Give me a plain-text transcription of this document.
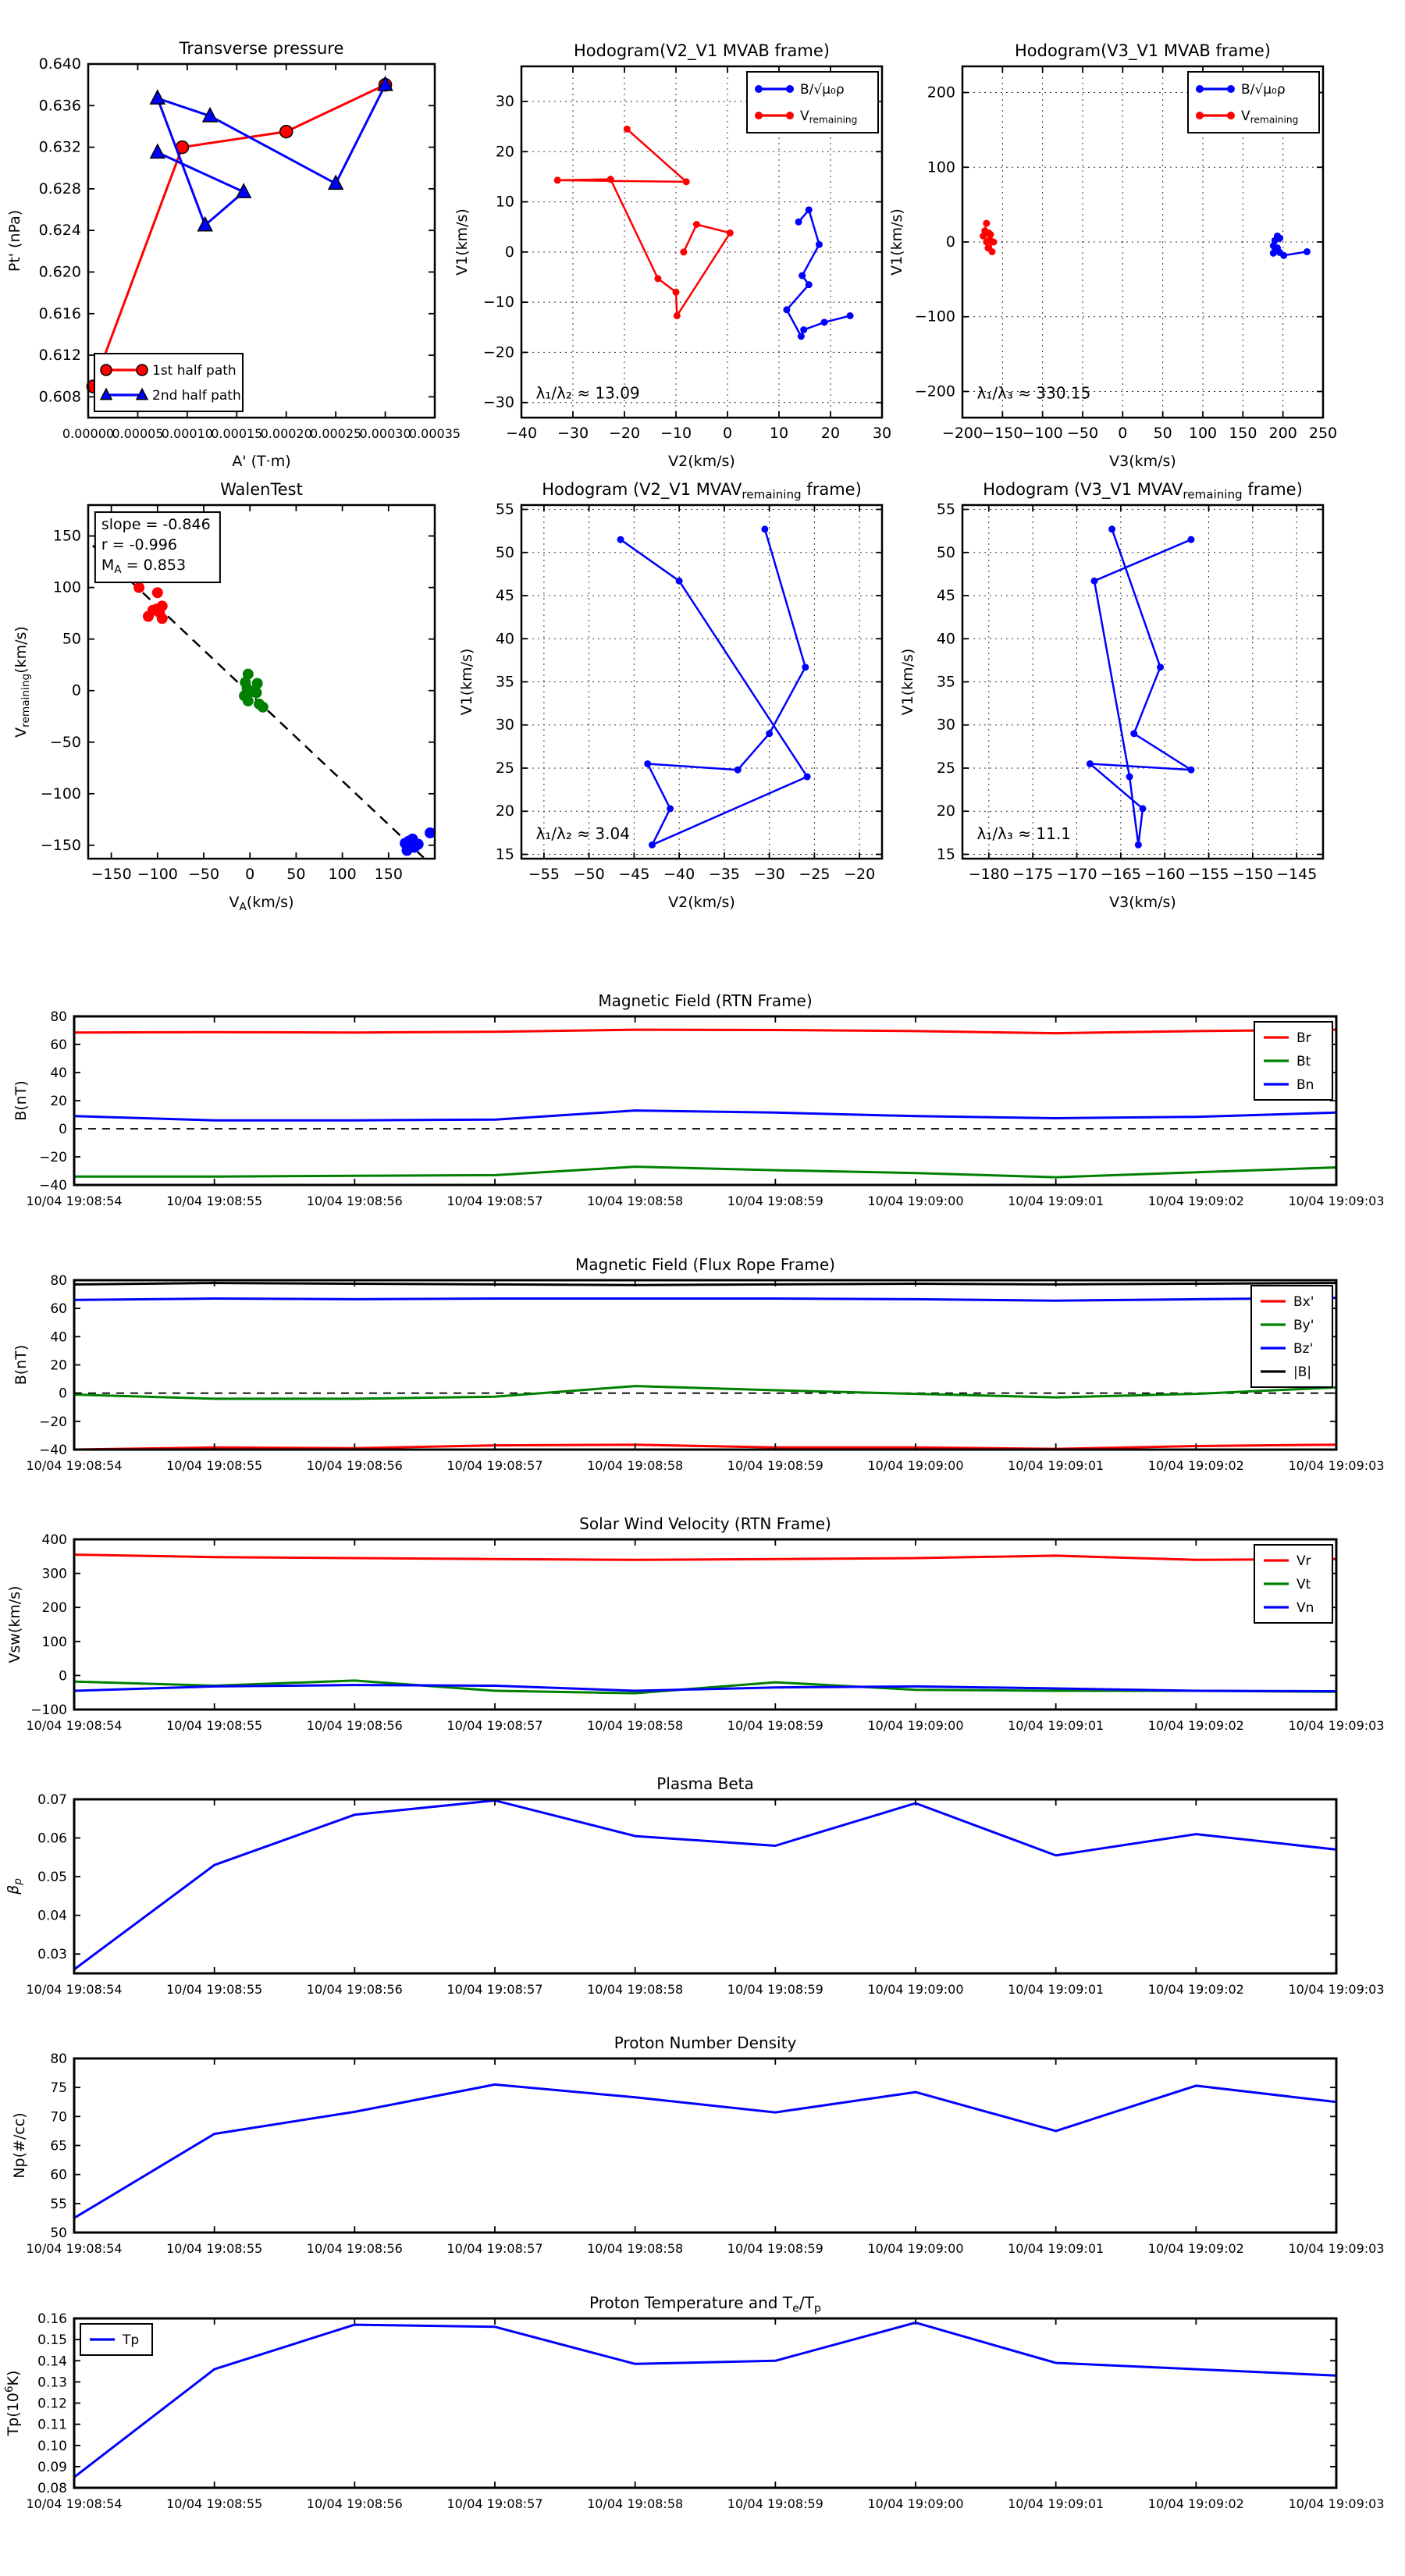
0.00000
0.00005
0.00010
0.00015
0.00020
0.00025
0.00030
0.00035
0.608
0.612
0.616
0.620
0.624
0.628
0.632
0.636
0.640
Transverse pressure
A' (T·m)
Pt' (nPa)
1st half path
2nd half path
−40 −30 −20 −10 0	10 20 30
−30
−20
−10
0
10
20
30
Hodogram(V2_V1 MVAB frame)
V2(km/s)
V1(km/s)
λ₁/λ₂ ≈ 13.09
B/√μ₀ρ
$V_{remaining}$
−200 −150 −100 −50 0 50 100 150 200 250
−200
−100
0
100
200
Hodogram(V3_V1 MVAB frame)
V3(km/s)
V1(km/s)
λ₁/λ₃ ≈ 330.15
B/√μ₀ρ
$V_{remaining}$
−150 −100 −50 0 50 100 150
−150
−100
−50
0
50
100
150
WalenTest
$V_A(km/s)$
$V_{remaining}(km/s)$
slope = -0.846
r = -0.996
$M_A = 0.853$
−55 −50 −45 −40 −35 −30 −25 −20
15
20
25
30
35
40
45
50
55
Hodogram (V2_V1 $MVAV_{remaining}$ frame)
V2(km/s)
V1(km/s)
λ₁/λ₂ ≈ 3.04
−180 −175 −170 −165 −160 −155 −150 −145
15
20
25
30
35
40
45
50
55
Hodogram (V3_V1 $MVAV_{remaining}$ frame)
V3(km/s)
V1(km/s)
λ₁/λ₃ ≈ 11.1
10/04 19:08:54	10/04 19:08:55	10/04 19:08:56	10/04 19:08:57	10/04 19:08:58	10/04 19:08:59	10/04 19:09:00	10/04 19:09:01	10/04 19:09:02	10/04 19:09:03
−40
−20
0
20
40
60
80
Magnetic Field (RTN Frame)
B(nT)
Br
Bt
Bn
10/04 19:08:54	10/04 19:08:55	10/04 19:08:56	10/04 19:08:57	10/04 19:08:58	10/04 19:08:59	10/04 19:09:00	10/04 19:09:01	10/04 19:09:02	10/04 19:09:03
−40
−20
0
20
40
60
80
Magnetic Field (Flux Rope Frame)
B(nT)
Bx'
By'
Bz'
|B|
10/04 19:08:54	10/04 19:08:55	10/04 19:08:56	10/04 19:08:57	10/04 19:08:58	10/04 19:08:59	10/04 19:09:00	10/04 19:09:01	10/04 19:09:02	10/04 19:09:03
−100
0
100
200
300
400
Solar Wind Velocity (RTN Frame)
Vsw(km/s)
Vr
Vt
Vn
10/04 19:08:54	10/04 19:08:55	10/04 19:08:56	10/04 19:08:57	10/04 19:08:58	10/04 19:08:59	10/04 19:09:00	10/04 19:09:01	10/04 19:09:02	10/04 19:09:03
0.03
0.04
0.05
0.06
0.07
Plasma Beta
$\beta_p$
10/04 19:08:54	10/04 19:08:55	10/04 19:08:56	10/04 19:08:57	10/04 19:08:58	10/04 19:08:59	10/04 19:09:00	10/04 19:09:01	10/04 19:09:02	10/04 19:09:03
50
55
60
65
70
75
80
Proton Number Density
Np(#/cc)
10/04 19:08:54	10/04 19:08:55	10/04 19:08:56	10/04 19:08:57	10/04 19:08:58	10/04 19:08:59	10/04 19:09:00	10/04 19:09:01	10/04 19:09:02	10/04 19:09:03
0.08
0.09
0.10
0.11
0.12
0.13
0.14
0.15
0.16
Proton Temperature and $T_e/T_p$
$Tp(10^6K)$
Tp
